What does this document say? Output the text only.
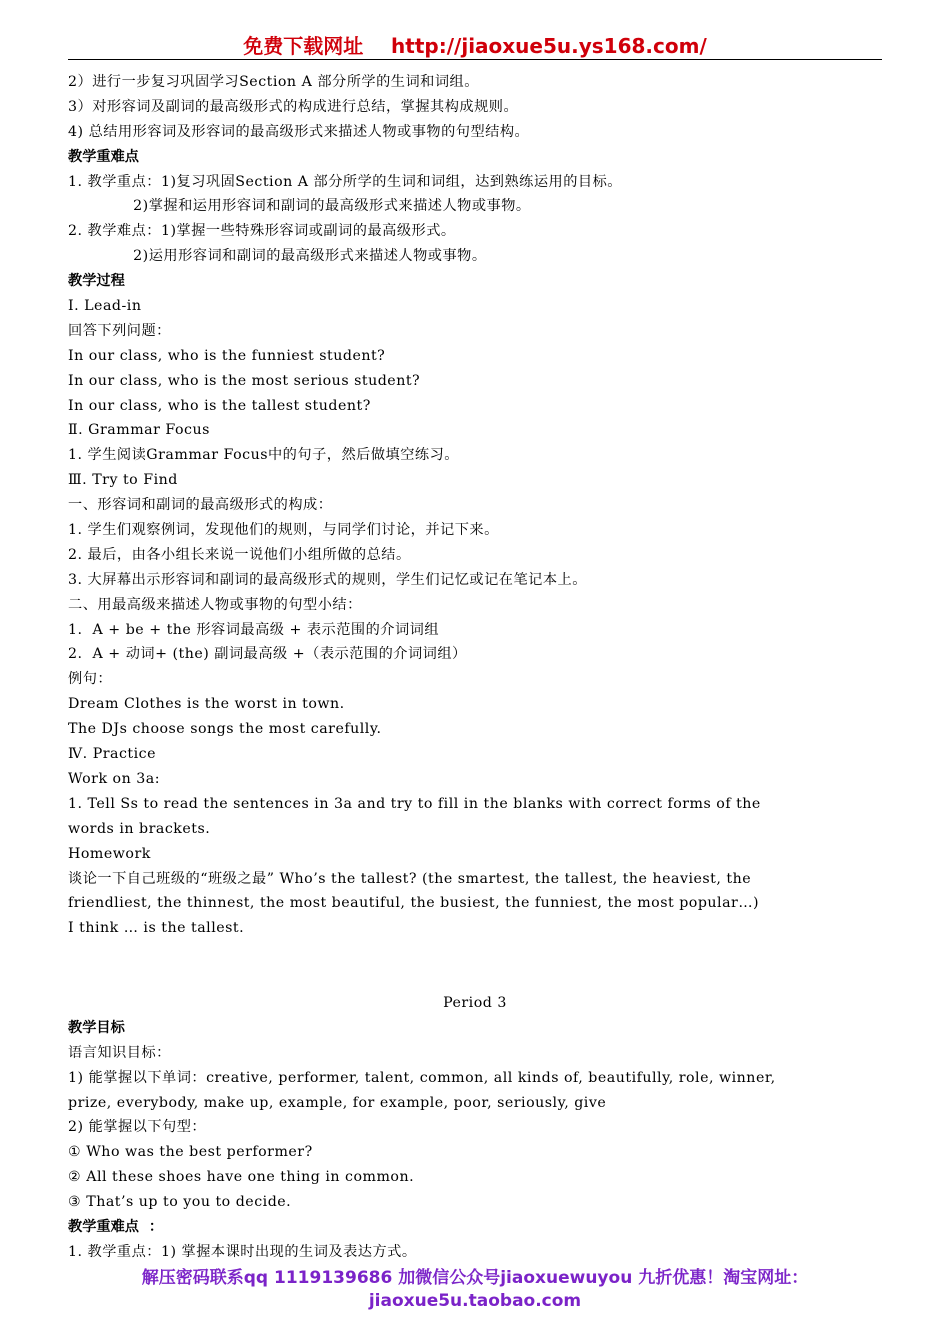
免费下载网址    http://jiaoxue5u.ys168.com/
2）进行一步复习巩固学习Section A 部分所学的生词和词组。
3）对形容词及副词的最高级形式的构成进行总结，掌握其构成规则。
4) 总结用形容词及形容词的最高级形式来描述人物或事物的句型结构。
教学重难点
1. 教学重点：1)复习巩固Section A 部分所学的生词和词组，达到熟练运用的目标。
2)掌握和运用形容词和副词的最高级形式来描述人物或事物。
2. 教学难点：1)掌握一些特殊形容词或副词的最高级形式。
2)运用形容词和副词的最高级形式来描述人物或事物。
教学过程
Ⅰ. Lead-in
回答下列问题：
In our class, who is the funniest student?
In our class, who is the most serious student?
In our class, who is the tallest student?
Ⅱ. Grammar Focus
1. 学生阅读Grammar Focus中的句子，然后做填空练习。
Ⅲ. Try to Find
一、形容词和副词的最高级形式的构成：
1. 学生们观察例词，发现他们的规则，与同学们讨论，并记下来。
2. 最后，由各小组长来说一说他们小组所做的总结。
3. 大屏幕出示形容词和副词的最高级形式的规则，学生们记忆或记在笔记本上。
二、用最高级来描述人物或事物的句型小结：
1.  A + be + the 形容词最高级 + 表示范围的介词词组
2.  A + 动词+ (the) 副词最高级 +（表示范围的介词词组）
例句：
Dream Clothes is the worst in town.
The DJs choose songs the most carefully.
Ⅳ. Practice
Work on 3a:
1. Tell Ss to read the sentences in 3a and try to fill in the blanks with correct forms of the
words in brackets.
Homework
谈论一下自己班级的“班级之最” Who’s the tallest? (the smartest, the tallest, the heaviest, the
friendliest, the thinnest, the most beautiful, the busiest, the funniest, the most popular…)
I think … is the tallest.
Period 3
教学目标
语言知识目标：
1) 能掌握以下单词：creative, performer, talent, common, all kinds of, beautifully, role, winner,
prize, everybody, make up, example, for example, poor, seriously, give
2) 能掌握以下句型：
① Who was the best performer?
② All these shoes have one thing in common.
③ That’s up to you to decide.
教学重难点  ：
1. 教学重点：1) 掌握本课时出现的生词及表达方式。
解压密码联系qq 1119139686 加微信公众号jiaoxuewuyou 九折优惠！淘宝网址：
jiaoxue5u.taobao.com
